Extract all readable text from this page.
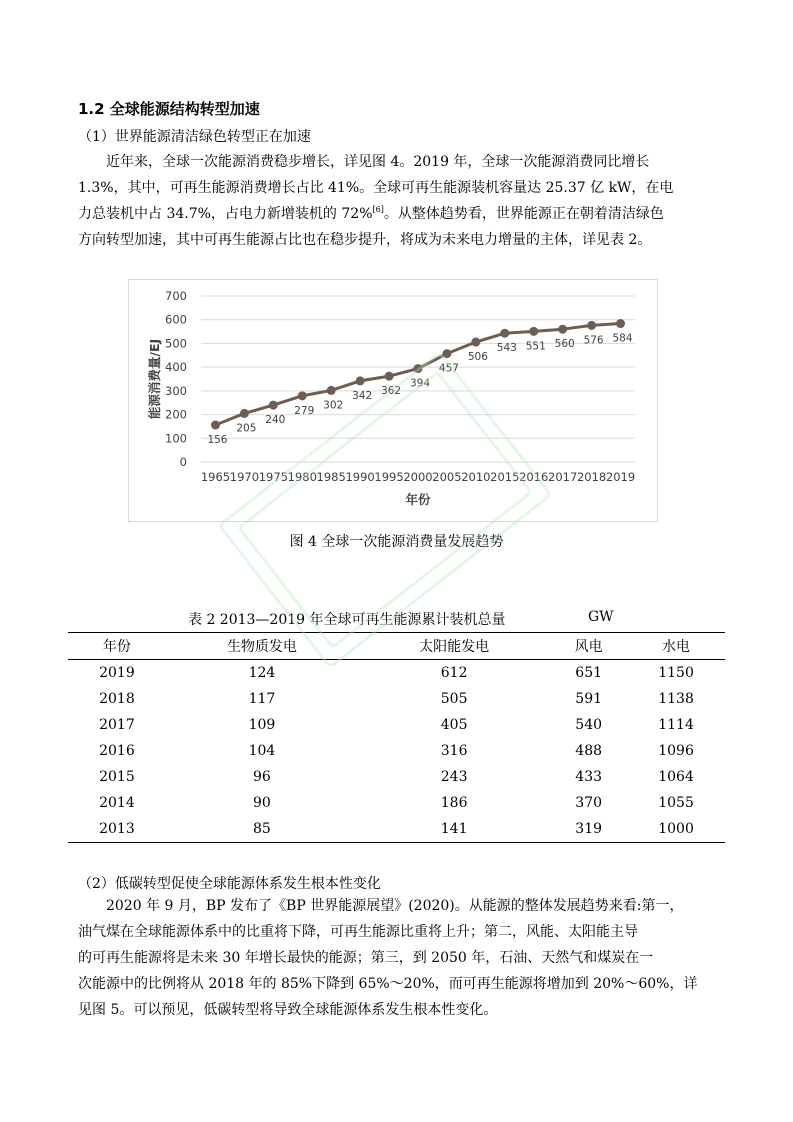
1.2 全球能源结构转型加速
（1）世界能源清洁绿色转型正在加速
近年来，全球一次能源消费稳步增长，详见图 4。2019 年，全球一次能源消费同比增长
1.3%，其中，可再生能源消费增长占比 41%。全球可再生能源装机容量达 25.37 亿 kW，在电
力总装机中占 34.7%，占电力新增装机的 72%[6]。从整体趋势看，世界能源正在朝着清洁绿色
方向转型加速，其中可再生能源占比也在稳步提升，将成为未来电力增量的主体，详见表 2。
0
100
200
300
400
500
600
700
1965 1970 1975 1980 1985 1990 1995 2000 2005 2010 2015 2016 2017 2018 2019
156
205
240
279 302
342 362
394
457
506
543 551 560 576 584
年份
能源消费量/EJ
图 4 全球一次能源消费量发展趋势
表 2 2013—2019 年全球可再生能源累计装机总量	GW
年份	生物质发电	太阳能发电	风电	水电
2019	124	612	651	1150
2018	117	505	591	1138
2017	109	405	540	1114
2016	104	316	488	1096
2015	96	243	433	1064
2014	90	186	370	1055
2013	85	141	319	1000
（2）低碳转型促使全球能源体系发生根本性变化
2020 年 9 月，BP 发布了《BP 世界能源展望》(2020)。从能源的整体发展趋势来看:第一，
油气煤在全球能源体系中的比重将下降，可再生能源比重将上升；第二，风能、太阳能主导
的可再生能源将是未来 30 年增长最快的能源；第三，到 2050 年，石油、天然气和煤炭在一
次能源中的比例将从 2018 年的 85%下降到 65%～20%，而可再生能源将增加到 20%～60%，详
见图 5。可以预见，低碳转型将导致全球能源体系发生根本性变化。
